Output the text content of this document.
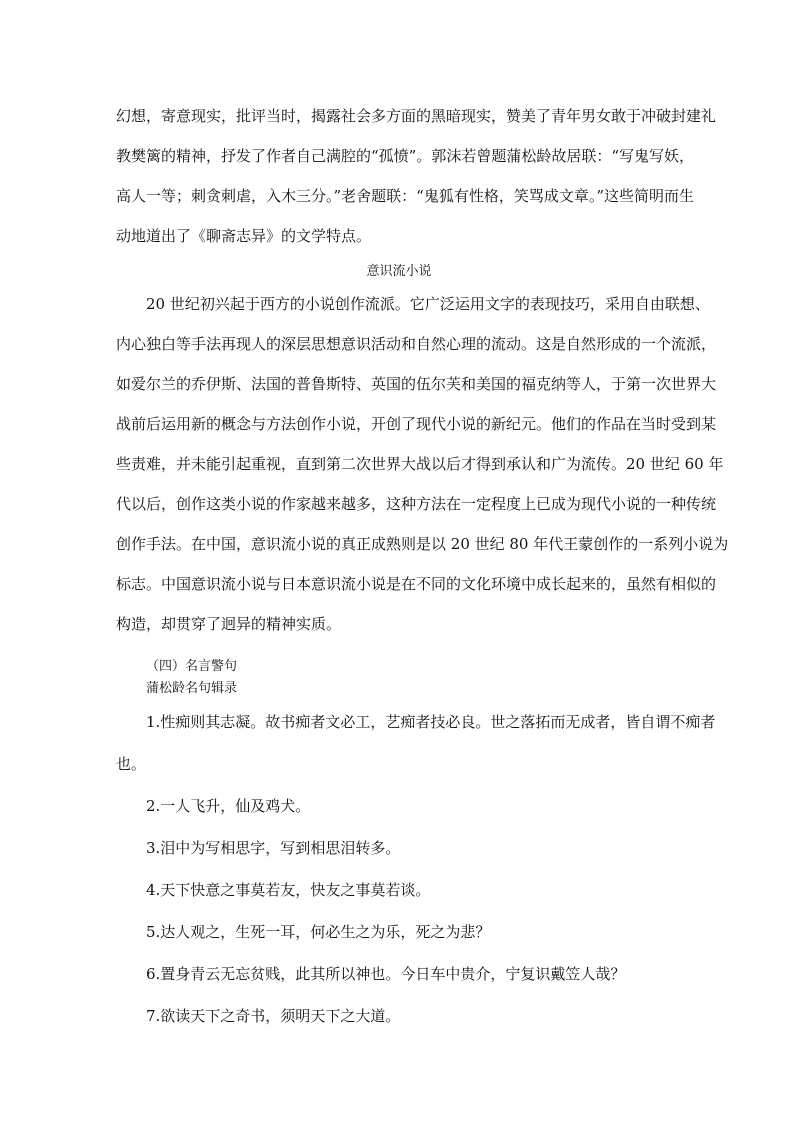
幻想，寄意现实，批评当时，揭露社会多方面的黑暗现实，赞美了青年男女敢于冲破封建礼
教樊篱的精神，抒发了作者自己满腔的“孤愤”。郭沫若曾题蒲松龄故居联：“写鬼写妖，
高人一等；刺贪刺虐，入木三分。”老舍题联：“鬼狐有性格，笑骂成文章。”这些简明而生
动地道出了《聊斋志异》的文学特点。
意识流小说
20 世纪初兴起于西方的小说创作流派。它广泛运用文字的表现技巧，采用自由联想、
内心独白等手法再现人的深层思想意识活动和自然心理的流动。这是自然形成的一个流派，
如爱尔兰的乔伊斯、法国的普鲁斯特、英国的伍尔芙和美国的福克纳等人，于第一次世界大
战前后运用新的概念与方法创作小说，开创了现代小说的新纪元。他们的作品在当时受到某
些责难，并未能引起重视，直到第二次世界大战以后才得到承认和广为流传。20 世纪 60 年
代以后，创作这类小说的作家越来越多，这种方法在一定程度上已成为现代小说的一种传统
创作手法。在中国，意识流小说的真正成熟则是以 20 世纪 80 年代王蒙创作的一系列小说为
标志。中国意识流小说与日本意识流小说是在不同的文化环境中成长起来的，虽然有相似的
构造，却贯穿了迥异的精神实质。
（四）名言警句
蒲松龄名句辑录
1.性痴则其志凝。故书痴者文必工，艺痴者技必良。世之落拓而无成者，皆自谓不痴者
也。
2.一人飞升，仙及鸡犬。
3.泪中为写相思字，写到相思泪转多。
4.天下快意之事莫若友，快友之事莫若谈。
5.达人观之，生死一耳，何必生之为乐，死之为悲？
6.置身青云无忘贫贱，此其所以神也。今日车中贵介，宁复识戴笠人哉？
7.欲读天下之奇书，须明天下之大道。
